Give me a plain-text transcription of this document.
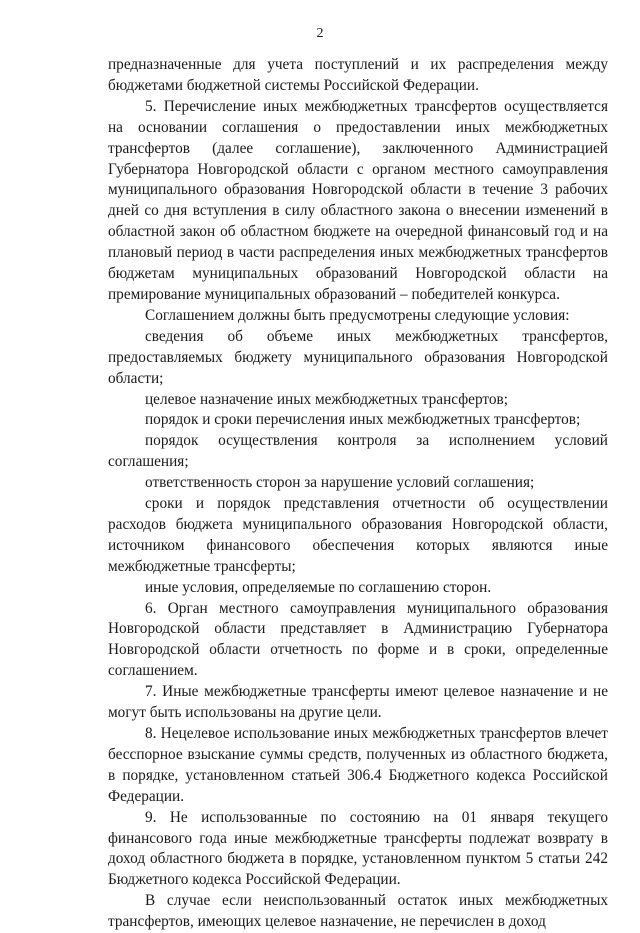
2

предназначенные для учета поступлений и их распределения между бюджетами бюджетной системы Российской Федерации.

5. Перечисление иных межбюджетных трансфертов осуществляется на основании соглашения о предоставлении иных межбюджетных трансфертов (далее соглашение), заключенного Администрацией Губернатора Новгородской области с органом местного самоуправления муниципального образования Новгородской области в течение 3 рабочих дней со дня вступления в силу областного закона о внесении изменений в областной закон об областном бюджете на очередной финансовый год и на плановый период в части распределения иных межбюджетных трансфертов бюджетам муниципальных образований Новгородской области на премирование муниципальных образований – победителей конкурса.

Соглашением должны быть предусмотрены следующие условия:

сведения об объеме иных межбюджетных трансфертов, предоставляемых бюджету муниципального образования Новгородской области;

целевое назначение иных межбюджетных трансфертов;

порядок и сроки перечисления иных межбюджетных трансфертов;

порядок осуществления контроля за исполнением условий соглашения;

ответственность сторон за нарушение условий соглашения;

сроки и порядок представления отчетности об осуществлении расходов бюджета муниципального образования Новгородской области, источником финансового обеспечения которых являются иные межбюджетные трансферты;

иные условия, определяемые по соглашению сторон.

6. Орган местного самоуправления муниципального образования Новгородской области представляет в Администрацию Губернатора Новгородской области отчетность по форме и в сроки, определенные соглашением.

7. Иные межбюджетные трансферты имеют целевое назначение и не могут быть использованы на другие цели.

8. Нецелевое использование иных межбюджетных трансфертов влечет бесспорное взыскание суммы средств, полученных из областного бюджета, в порядке, установленном статьей 306.4 Бюджетного кодекса Российской Федерации.

9. Не использованные по состоянию на 01 января текущего финансового года иные межбюджетные трансферты подлежат возврату в доход областного бюджета в порядке, установленном пунктом 5 статьи 242 Бюджетного кодекса Российской Федерации.

В случае если неиспользованный остаток иных межбюджетных трансфертов, имеющих целевое назначение, не перечислен в доход
